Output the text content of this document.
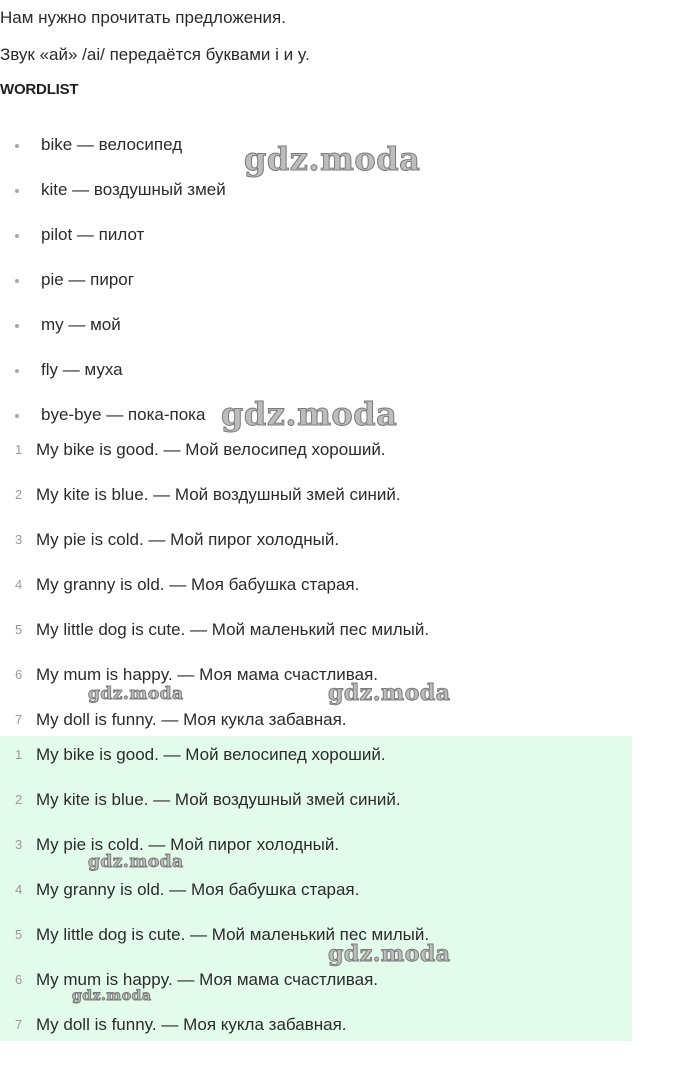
Нам нужно прочитать предложения.
Звук «ай» /ai/ передаётся буквами i и y.
WORDLIST
bike — велосипед
kite — воздушный змей
pilot — пилот
pie — пирог
my — мой
fly — муха
bye-bye — пока-пока
1 My bike is good. — Мой велосипед хороший.
2 My kite is blue. — Мой воздушный змей синий.
3 My pie is cold. — Мой пирог холодный.
4 My granny is old. — Моя бабушка старая.
5 My little dog is cute. — Мой маленький пес милый.
6 My mum is happy. — Моя мама счастливая.
7 My doll is funny. — Моя кукла забавная.
1 My bike is good. — Мой велосипед хороший.
2 My kite is blue. — Мой воздушный змей синий.
3 My pie is cold. — Мой пирог холодный.
4 My granny is old. — Моя бабушка старая.
5 My little dog is cute. — Мой маленький пес милый.
6 My mum is happy. — Моя мама счастливая.
7 My doll is funny. — Моя кукла забавная.
gdz.moda
gdz.moda
gdz.moda	gdz.moda
gdz.moda
gdz.moda
gdz.moda
